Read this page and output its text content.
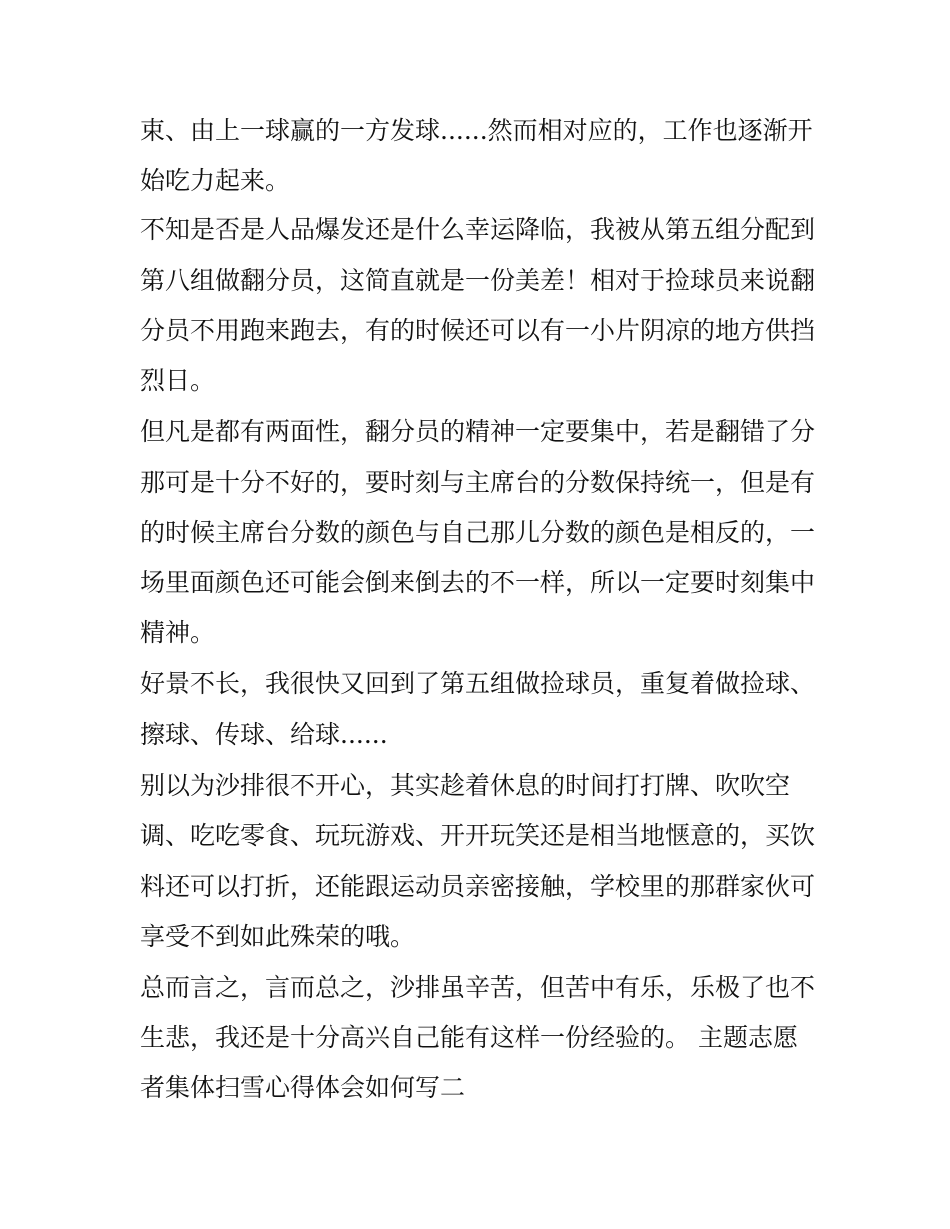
束、由上一球赢的一方发球......然而相对应的，工作也逐渐开

始吃力起来。

不知是否是人品爆发还是什么幸运降临，我被从第五组分配到

第八组做翻分员，这简直就是一份美差！相对于捡球员来说翻

分员不用跑来跑去，有的时候还可以有一小片阴凉的地方供挡

烈日。

但凡是都有两面性，翻分员的精神一定要集中，若是翻错了分

那可是十分不好的，要时刻与主席台的分数保持统一，但是有

的时候主席台分数的颜色与自己那儿分数的颜色是相反的，一

场里面颜色还可能会倒来倒去的不一样，所以一定要时刻集中

精神。

好景不长，我很快又回到了第五组做捡球员，重复着做捡球、

擦球、传球、给球......

别以为沙排很不开心，其实趁着休息的时间打打牌、吹吹空

调、吃吃零食、玩玩游戏、开开玩笑还是相当地惬意的，买饮

料还可以打折，还能跟运动员亲密接触，学校里的那群家伙可

享受不到如此殊荣的哦。

总而言之，言而总之，沙排虽辛苦，但苦中有乐，乐极了也不

生悲，我还是十分高兴自己能有这样一份经验的。 主题志愿

者集体扫雪心得体会如何写二
